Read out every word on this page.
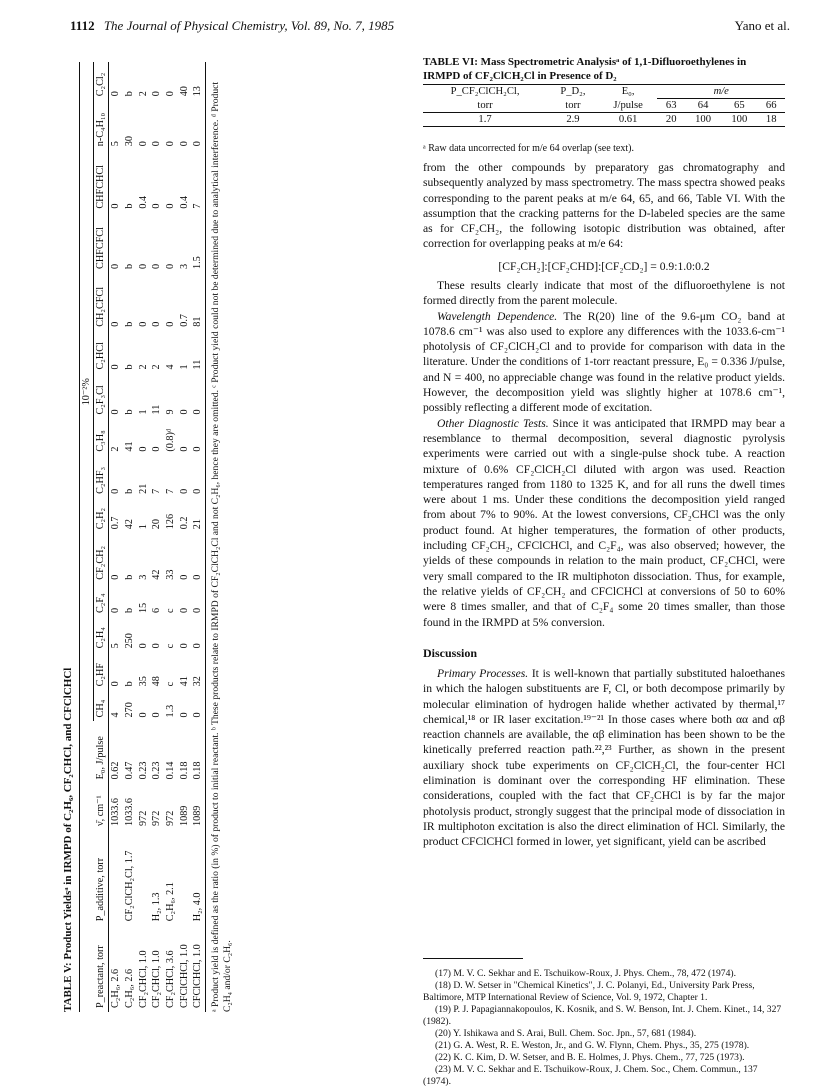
1112 The Journal of Physical Chemistry, Vol. 89, No. 7, 1985	Yano et al.
TABLE V: Product Yieldsᵃ in IRMPD of C₂H₆, CF₂CHCl, and CFClCHCl
				10⁻²%														
P_reactant, torr	P_additive, torr	ν̄, cm⁻¹	E₀, J/pulse	CH₄	C₂HF	C₂H₄	C₂F₄	CF₂CH₂	C₂H₂	C₂HF₃	C₃H₈	C₂F₃Cl	C₂HCl	CH₂CFCl	CHFCFCl	CHFCHCl	n-C₄H₁₀	C₂Cl₂
C₂H₆, 2.6		1033.6	0.62	4	0	5	0	0	0.7	0	2	0	0	0	0	0	5	0
C₂H₆, 2.6	CF₂ClCH₂Cl, 1.7	1033.6	0.47	270	b	250	b	b	42	b	41	b	b	b	b	b	30	b
CF₂CHCl, 1.0		972	0.23	0	35	0	15	3	1	21	0	1	2	0	0	0.4	0	2
CF₂CHCl, 1.0	H₂, 1.3	972	0.23	0	48	0	6	42	20	7	0	11	2	0	0	0	0	0
CF₂CHCl, 3.6	C₂H₆, 2.1	972	0.14	1.3	c	c	c	33	126	7	(0.8)ᵈ	9	4	0	0	0	0	0
CFClCHCl, 1.0		1089	0.18	0	41	0	0	0	0.2	0	0	0	1	0.7	3	0.4	0	40
CFClCHCl, 1.0	H₂, 4.0	1089	0.18	0	32	0	0	0	21	0	0	0	11	81	1.5	7	0	13 ᵃ Product yield is defined as the ratio (in %) of product to initial reactant. ᵇ These products relate to IRMPD of CF₂ClCH₂Cl and not C₂H₆, hence they are omitted. ᶜ Product yield could not be determined due to analytical interference. ᵈ Product C₂H₄ and/or C₂H₆.
TABLE VI: Mass Spectrometric Analysisᵃ of 1,1-Difluoroethylenes in IRMPD of CF₂ClCH₂Cl in Presence of D₂
P_CF₂ClCH₂Cl,	P_D₂,	E₀,	m/e			
torr	torr	J/pulse	63	64	65	66
1.7	2.9	0.61	20	100	100	18
ᵃ Raw data uncorrected for m/e 64 overlap (see text).

from the other compounds by preparatory gas chromatography and subsequently analyzed by mass spectrometry. The mass spectra showed peaks corresponding to the parent peaks at m/e 64, 65, and 66, Table VI. With the assumption that the cracking patterns for the D-labeled species are the same as for CF₂CH₂, the following isotopic distribution was obtained, after correction for overlapping peaks at m/e 64:

[CF₂CH₂]:[CF₂CHD]:[CF₂CD₂] = 0.9:1.0:0.2

These results clearly indicate that most of the difluoroethylene is not formed directly from the parent molecule.

Wavelength Dependence. The R(20) line of the 9.6-μm CO₂ band at 1078.6 cm⁻¹ was also used to explore any differences with the 1033.6-cm⁻¹ photolysis of CF₂ClCH₂Cl and to provide for comparison with data in the literature. Under the conditions of 1-torr reactant pressure, E₀ = 0.336 J/pulse, and N = 400, no appreciable change was found in the relative product yields. However, the decomposition yield was slightly higher at 1078.6 cm⁻¹, possibly reflecting a different mode of excitation.

Other Diagnostic Tests. Since it was anticipated that IRMPD may bear a resemblance to thermal decomposition, several diagnostic pyrolysis experiments were carried out with a single-pulse shock tube. A reaction mixture of 0.6% CF₂ClCH₂Cl diluted with argon was used. Reaction temperatures ranged from 1180 to 1325 K, and for all runs the dwell times were about 1 ms. Under these conditions the decomposition yield ranged from about 7% to 90%. At the lowest conversions, CF₂CHCl was the only product found. At higher temperatures, the formation of other products, including CF₂CH₂, CFClCHCl, and C₂F₄, was also observed; however, the yields of these compounds in relation to the main product, CF₂CHCl, were very small compared to the IR multiphoton dissociation. Thus, for example, the relative yields of CF₂CH₂ and CFClCHCl at conversions of 50 to 60% were 8 times smaller, and that of C₂F₄ some 20 times smaller, than those found in the IRMPD at 5% conversion.

Discussion

Primary Processes. It is well-known that partially substituted haloethanes in which the halogen substituents are F, Cl, or both decompose primarily by molecular elimination of hydrogen halide whether activated by thermal,¹⁷ chemical,¹⁸ or IR laser excitation.¹⁹⁻²¹ In those cases where both αα and αβ reaction channels are available, the αβ elimination has been shown to be the kinetically preferred reaction path.²²,²³ Further, as shown in the present auxiliary shock tube experiments on CF₂ClCH₂Cl, the four-center HCl elimination is dominant over the corresponding HF elimination. These considerations, coupled with the fact that CF₂CHCl is by far the major photolysis product, strongly suggest that the principal mode of dissociation in IR multiphoton excitation is also the direct elimination of HCl. Similarly, the product CFClCHCl formed in lower, yet significant, yield can be ascribed

(17) M. V. C. Sekhar and E. Tschuikow-Roux, J. Phys. Chem., 78, 472 (1974).
(18) D. W. Setser in "Chemical Kinetics", J. C. Polanyi, Ed., University Park Press, Baltimore, MTP International Review of Science, Vol. 9, 1972, Chapter 1.
(19) P. J. Papagiannakopoulos, K. Kosnik, and S. W. Benson, Int. J. Chem. Kinet., 14, 327 (1982).
(20) Y. Ishikawa and S. Arai, Bull. Chem. Soc. Jpn., 57, 681 (1984).
(21) G. A. West, R. E. Weston, Jr., and G. W. Flynn, Chem. Phys., 35, 275 (1978).
(22) K. C. Kim, D. W. Setser, and B. E. Holmes, J. Phys. Chem., 77, 725 (1973).
(23) M. V. C. Sekhar and E. Tschuikow-Roux, J. Chem. Soc., Chem. Commun., 137 (1974).
